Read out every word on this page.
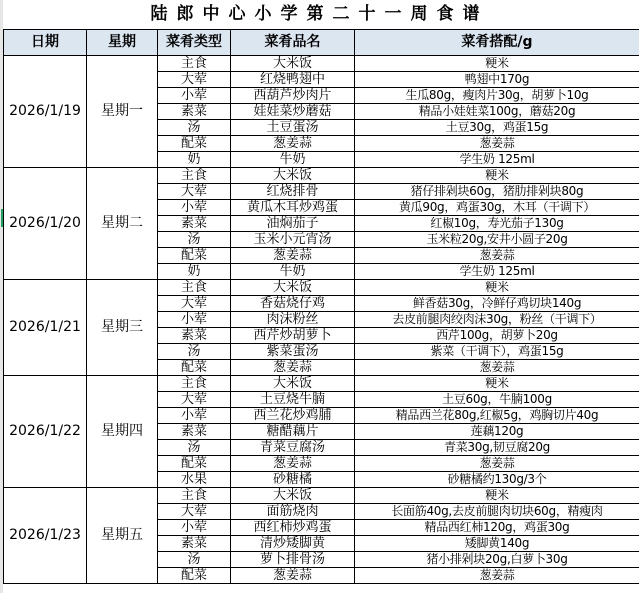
陆郎中心小学第二十一周食谱
日期	星期	菜肴类型	菜肴品名	菜肴搭配/g
2026/1/19	星期一	主食	大米饭	粳米
		大荤	红烧鸭翅中	鸭翅中170g
		小荤	西葫芦炒肉片	生瓜80g，瘦肉片30g，胡萝卜10g
		素菜	娃娃菜炒蘑菇	精品小娃娃菜100g，蘑菇20g
		汤	土豆蛋汤	土豆30g，鸡蛋15g
		配菜	葱姜蒜	葱姜蒜
		奶	牛奶	学生奶 125ml
2026/1/20	星期二	主食	大米饭	粳米
		大荤	红烧排骨	猪仔排剁块60g，猪肋排剁块80g
		小荤	黄瓜木耳炒鸡蛋	黄瓜90g，鸡蛋30g，木耳（干调下）
		素菜	油焖茄子	红椒10g，寿光茄子130g
		汤	玉米小元宵汤	玉米粒20g,安井小圆子20g
		配菜	葱姜蒜	葱姜蒜
		奶	牛奶	学生奶 125ml
2026/1/21	星期三	主食	大米饭	粳米
		大荤	香菇烧仔鸡	鲜香菇30g，冷鲜仔鸡切块140g
		小荤	肉沫粉丝	去皮前腿肉绞肉沫30g，粉丝（干调下）
		素菜	西芹炒胡萝卜	西芹100g，胡萝卜20g
		汤	紫菜蛋汤	紫菜（干调下），鸡蛋15g
		配菜	葱姜蒜	葱姜蒜
2026/1/22	星期四	主食	大米饭	粳米
		大荤	土豆烧牛腩	土豆60g，牛腩100g
		小荤	西兰花炒鸡脯	精品西兰花80g,红椒5g，鸡胸切片40g
		素菜	糖醋藕片	莲藕120g
		汤	青菜豆腐汤	青菜30g,韧豆腐20g
		配菜	葱姜蒜	葱姜蒜
		水果	砂糖橘	砂糖橘约130g/3个
2026/1/23	星期五	主食	大米饭	粳米
		大荤	面筋烧肉	长面筋40g,去皮前腿肉切块60g，精瘦肉
		小荤	西红柿炒鸡蛋	精品西红柿120g，鸡蛋30g
		素菜	清炒矮脚黄	矮脚黄140g
		汤	萝卜排骨汤	猪小排剁块20g,白萝卜30g
		配菜	葱姜蒜	葱姜蒜
